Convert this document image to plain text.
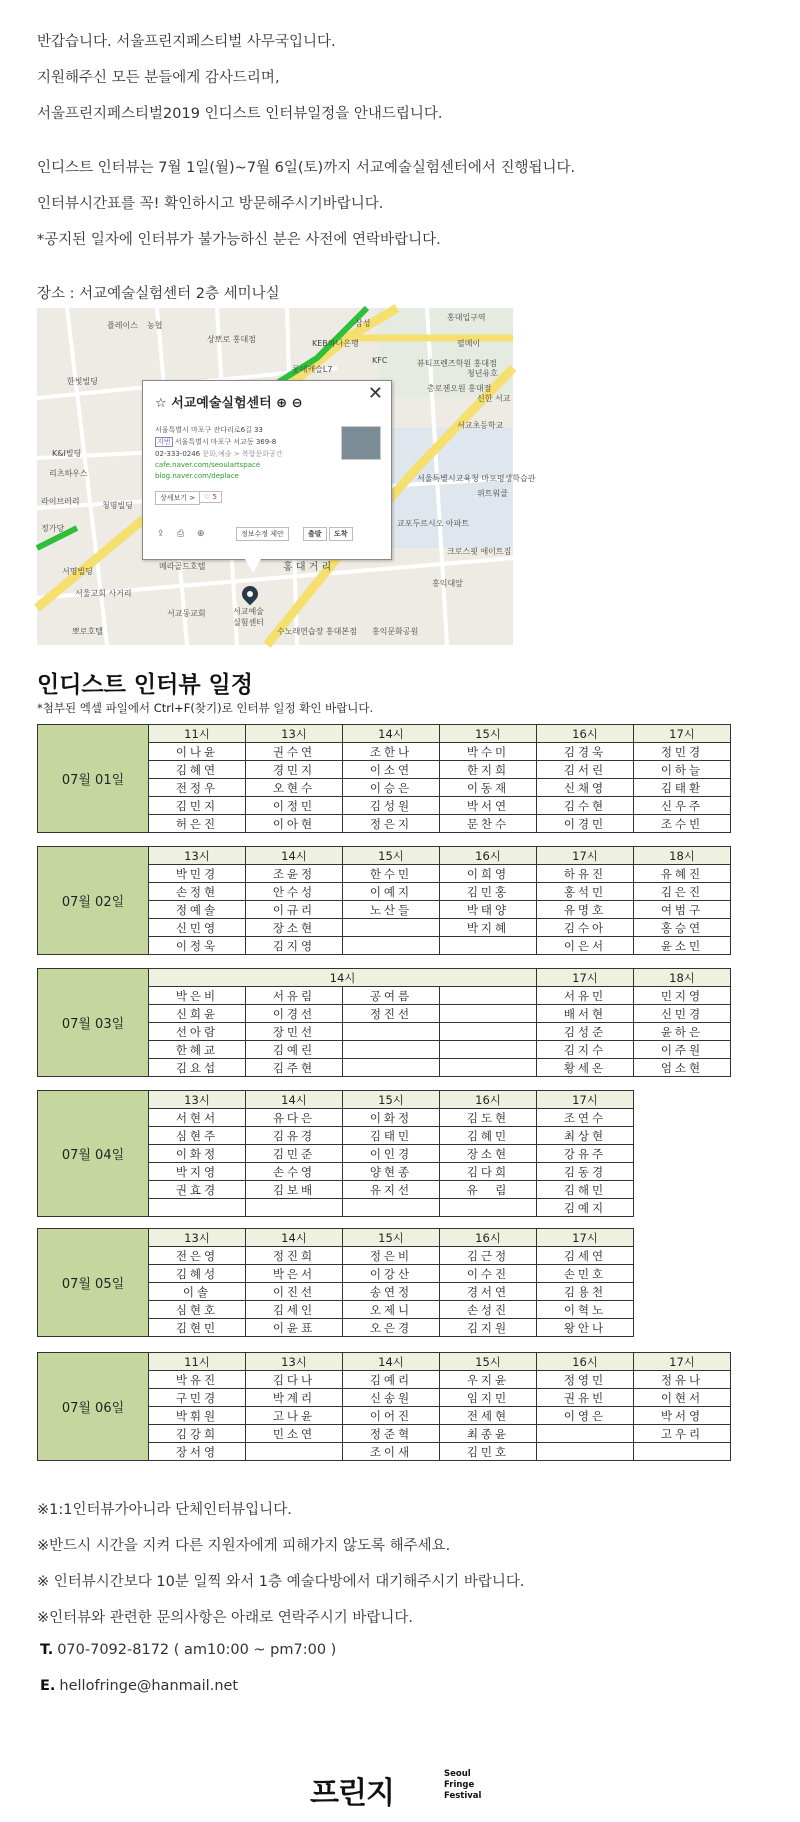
반갑습니다. 서울프린지페스티벌 사무국입니다.
지원해주신 모든 분들에게 감사드리며,
서울프린지페스티벌2019 인디스트 인터뷰일정을 안내드립니다.
인디스트 인터뷰는 7월 1일(월)~7월 6일(토)까지 서교예술실험센터에서 진행됩니다.
인터뷰시간표를 꼭! 확인하시고 방문해주시기바랍니다.
*공지된 일자에 인터뷰가 불가능하신 분은 사전에 연락바랍니다.
장소 : 서교예술실험센터 2층 세미나실
홍대입구역
농협
상뽀로 홍대점	KEB하나은행
KFC	뷰티프렌즈학원 홍대점
롯데캐슬L7
필메이
청년유호
총로젠오원 홍대점
한빛빌딩
신한 서교
서교초등학교
K&I빌딩
리츠하우스
서울특별시교육청 마포평생학습관
위트워클
청명빌딩
정가당
교포두르시오 아파트
크로스핏 에이트짐
홍익대앞
서명빌딩
메라골드호텔
서교동교회
서울교회 사거리
삼성
홍 대 거 리
수노래연습장 홍대본점 홍익문화공원
뽀로호텔
플레이스
라이브러리
☆ 서교예술실험센터 ⊕ ⊖	✕
서울특별시 마포구 잔다리로6길 33
지번 서울특별시 마포구 서교동 369-8
02-333-0246 문화,예술 > 복합문화공간
cafe.naver.com/seoulartspace
blog.naver.com/deplace
상세보기 >	♡ 5
⇪ ⎙ ⊕	정보수정 제안	출발	도착
서교예술
실험센터
인디스트 인터뷰 일정
*첨부된 엑셀 파일에서 Ctrl+F(찾기)로 인터뷰 일정 확인 바랍니다.
07월 01일	11시	13시	14시	15시	16시	17시
	이나윤	권수연	조한나	박수미	김경욱	정민경
	김혜연	경민지	이소연	한지희	김서린	이하늘
	전정우	오현수	이승은	이동재	신채영	김태환
	김민지	이정민	김성원	박서연	김수현	신우주
	허은진	이아현	정은지	문찬수	이경민	조수빈
07월 02일	13시	14시	15시	16시	17시	18시
	박민경	조윤정	한수민	이희영	하유진	유혜진
	손정현	안수성	이예지	김민홍	홍석민	김은진
	정예솔	이규리	노산들	박태양	유명호	여범구
	신민영	장소현		박지혜	김수아	홍승연
	이정욱	김지영			이은서	윤소민
07월 03일	14시				17시	18시
	박은비	서유림	공여름		서유민	민지영
	신희윤	이경선	정진선		배서현	신민경
	선아람	장민선			김성준	윤하은
	한혜교	김예린			김지수	이주원
	김요섭	김주현			황세온	엄소현
07월 04일	13시	14시	15시	16시	17시	
	서현서	유다은	이화정	김도현	조연수	
	심현주	김유경	김태민	김혜민	최상현	
	이화정	김민준	이인경	장소현	강유주	
	박지영	손수영	양현종	김다희	김동경	
	권효경	김보배	유지선	유　림	김해민	
					김예지	
07월 05일	13시	14시	15시	16시	17시	
	전은영	정진희	정은비	김근정	김세연	
	김혜성	박은서	이강산	이수진	손민호	
	이솔	이진선	송연정	경서연	김용천	
	심현호	김세인	오제니	손성진	이혁노	
	김현민	이윤표	오은경	김지원	왕안나	
07월 06일	11시	13시	14시	15시	16시	17시
	박유진	김다나	김예리	우지윤	정영민	정유나
	구민경	박계리	신송원	임지민	권유빈	이현서
	박휘원	고나윤	이어진	전세현	이영은	박서영
	김강희	민소연	정준혁	최종윤		고우리
	장서영		조이새	김민호		
※1:1인터뷰가아니라 단체인터뷰입니다.
※반드시 시간을 지켜 다른 지원자에게 피해가지 않도록 해주세요.
※ 인터뷰시간보다 10분 일찍 와서 1층 예술다방에서 대기해주시기 바랍니다.
※인터뷰와 관련한 문의사항은 아래로 연락주시기 바랍니다.
T. 070-7092-8172 ( am10:00 ~ pm7:00 )
E. hellofringe@hanmail.net
프린지
Seoul
Fringe
Festival
